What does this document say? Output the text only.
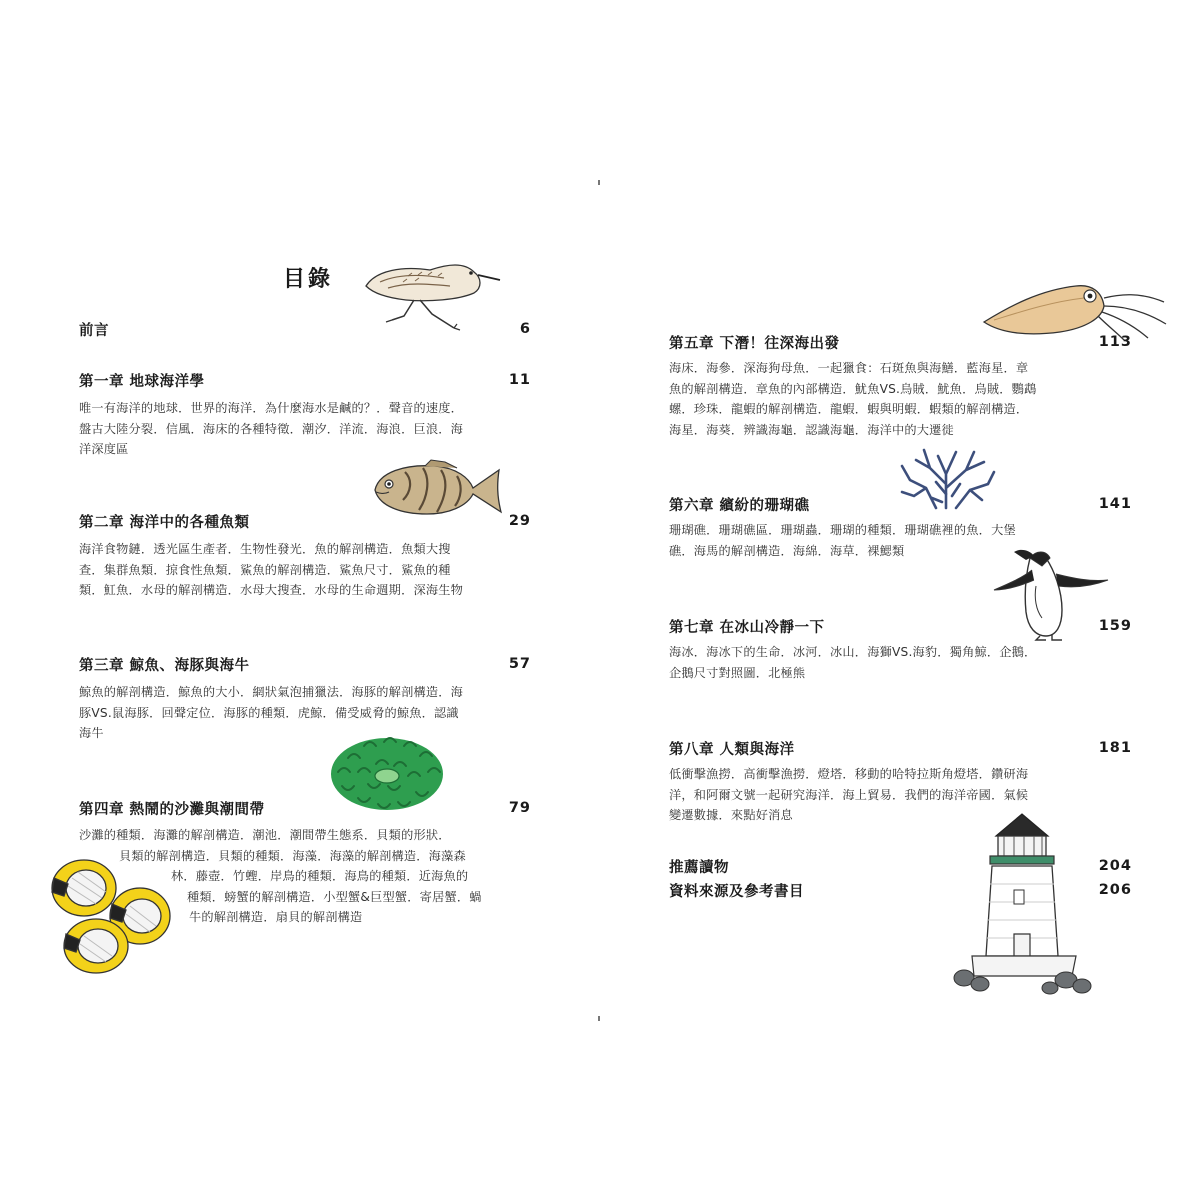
目錄
前言	6
第一章 地球海洋學	11
唯一有海洋的地球．世界的海洋．為什麼海水是鹹的？．聲音的速度．
盤古大陸分裂．信風．海床的各種特徵．潮汐．洋流．海浪．巨浪．海
洋深度區
第二章 海洋中的各種魚類	29
海洋食物鏈．透光區生產者．生物性發光．魚的解剖構造．魚類大搜
查．集群魚類．掠食性魚類．鯊魚的解剖構造．鯊魚尺寸．鯊魚的種
類．魟魚．水母的解剖構造．水母大搜查．水母的生命週期．深海生物
第三章 鯨魚、海豚與海牛	57
鯨魚的解剖構造．鯨魚的大小．網狀氣泡捕獵法．海豚的解剖構造．海
豚VS.鼠海豚．回聲定位．海豚的種類．虎鯨．備受威脅的鯨魚．認識
海牛
第四章 熱鬧的沙灘與潮間帶	79
沙灘的種類．海灘的解剖構造．潮池．潮間帶生態系．貝類的形狀．
貝類的解剖構造．貝類的種類．海藻．海藻的解剖構造．海藻森
林．藤壺．竹蟶．岸鳥的種類．海鳥的種類．近海魚的
種類．螃蟹的解剖構造．小型蟹&巨型蟹．寄居蟹．蝸
牛的解剖構造．扇貝的解剖構造
第五章 下潛！往深海出發	113
海床．海參．深海狗母魚．一起獵食：石斑魚與海鱔．藍海星．章
魚的解剖構造．章魚的內部構造．魷魚VS.烏賊．魷魚．烏賊．鸚鵡
螺．珍珠．龍蝦的解剖構造．龍蝦．蝦與明蝦．蝦類的解剖構造．
海星．海葵．辨識海龜．認識海龜．海洋中的大遷徙
第六章 繽紛的珊瑚礁	141
珊瑚礁．珊瑚礁區．珊瑚蟲．珊瑚的種類．珊瑚礁裡的魚．大堡
礁．海馬的解剖構造．海綿．海草．裸鰓類
第七章 在冰山冷靜一下	159
海冰．海冰下的生命．冰河．冰山．海獅VS.海豹．獨角鯨．企鵝．
企鵝尺寸對照圖．北極熊
第八章 人類與海洋	181
低衝擊漁撈．高衝擊漁撈．燈塔．移動的哈特拉斯角燈塔．鑽研海
洋，和阿爾文號一起研究海洋．海上貿易．我們的海洋帝國．氣候
變遷數據．來點好消息
推薦讀物	204
資料來源及參考書目	206
